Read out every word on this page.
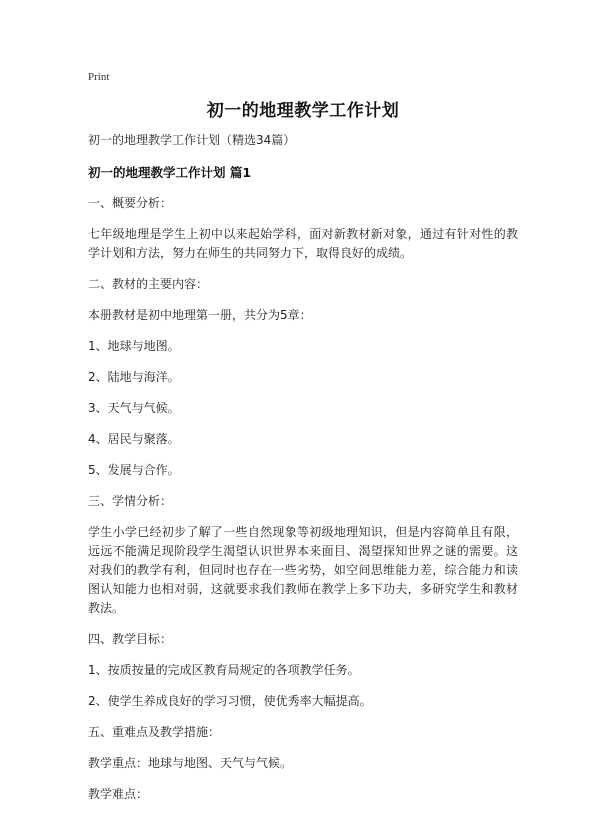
Print
初一的地理教学工作计划

初一的地理教学工作计划（精选34篇）

初一的地理教学工作计划 篇1

一、概要分析：

七年级地理是学生上初中以来起始学科，面对新教材新对象，通过有针对性的教学计划和方法，努力在师生的共同努力下，取得良好的成绩。

二、教材的主要内容：

本册教材是初中地理第一册，共分为5章：

1、地球与地图。

2、陆地与海洋。

3、天气与气候。

4、居民与聚落。

5、发展与合作。

三、学情分析：

学生小学已经初步了解了一些自然现象等初级地理知识，但是内容简单且有限，远远不能满足现阶段学生渴望认识世界本来面目、渴望探知世界之谜的需要。这对我们的教学有利，但同时也存在一些劣势，如空间思维能力差，综合能力和读图认知能力也相对弱，这就要求我们教师在教学上多下功夫，多研究学生和教材教法。

四、教学目标：

1、按质按量的完成区教育局规定的各项教学任务。

2、使学生养成良好的学习习惯，使优秀率大幅提高。

五、重难点及教学措施：

教学重点：地球与地图、天气与气候。

教学难点：
